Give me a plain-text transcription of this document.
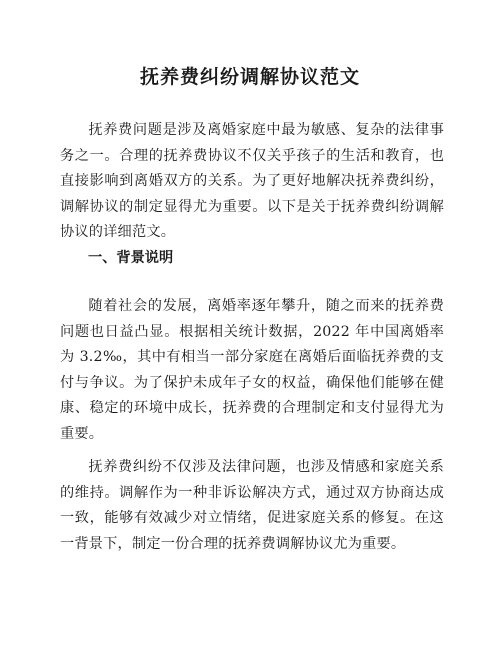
抚养费纠纷调解协议范文

抚养费问题是涉及离婚家庭中最为敏感、复杂的法律事务之一。合理的抚养费协议不仅关乎孩子的生活和教育，也直接影响到离婚双方的关系。为了更好地解决抚养费纠纷，调解协议的制定显得尤为重要。以下是关于抚养费纠纷调解协议的详细范文。

一、背景说明

随着社会的发展，离婚率逐年攀升，随之而来的抚养费问题也日益凸显。根据相关统计数据，2022 年中国离婚率为 3.2‰，其中有相当一部分家庭在离婚后面临抚养费的支付与争议。为了保护未成年子女的权益，确保他们能够在健康、稳定的环境中成长，抚养费的合理制定和支付显得尤为重要。

抚养费纠纷不仅涉及法律问题，也涉及情感和家庭关系的维持。调解作为一种非诉讼解决方式，通过双方协商达成一致，能够有效减少对立情绪，促进家庭关系的修复。在这一背景下，制定一份合理的抚养费调解协议尤为重要。
